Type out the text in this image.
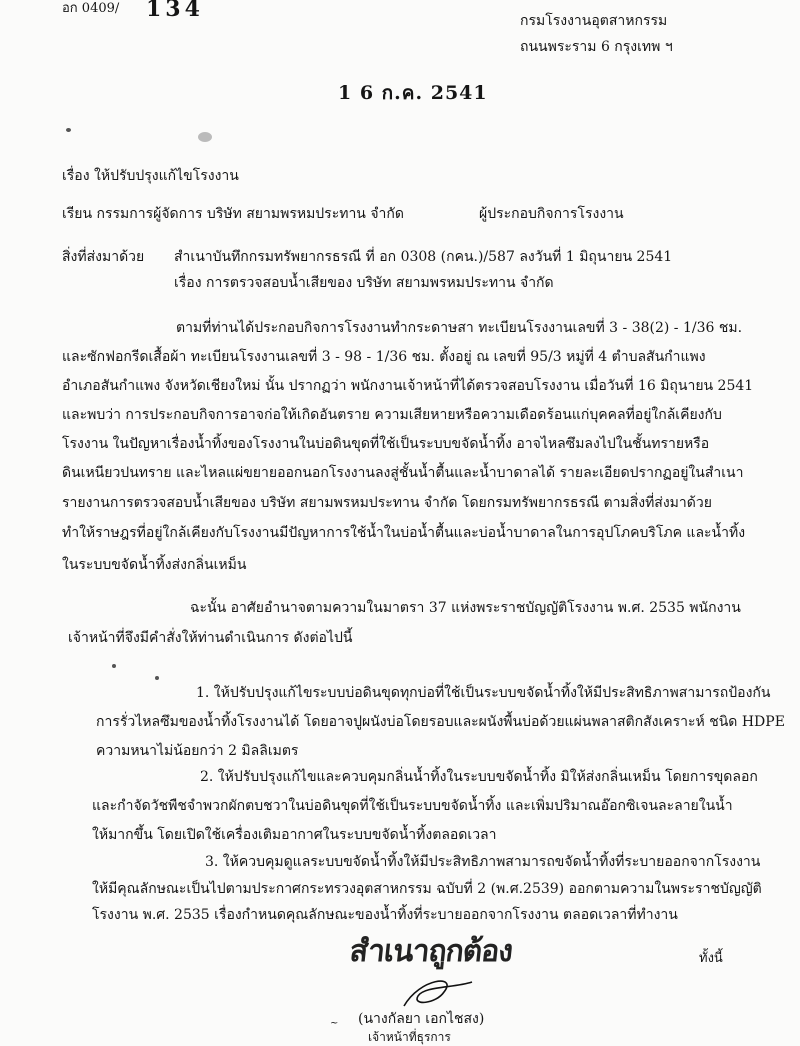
อก 0409/ 134	กรมโรงงานอุตสาหกรรม
ถนนพระราม 6 กรุงเทพ ฯ
1 6 ก.ค. 2541
เรื่อง ให้ปรับปรุงแก้ไขโรงงาน
เรียน กรรมการผู้จัดการ บริษัท สยามพรหมประทาน จำกัด	ผู้ประกอบกิจการโรงงาน
สิ่งที่ส่งมาด้วย สำเนาบันทึกกรมทรัพยากรธรณี ที่ อก 0308 (กคน.)/587 ลงวันที่ 1 มิถุนายน 2541
เรื่อง การตรวจสอบน้ำเสียของ บริษัท สยามพรหมประทาน จำกัด
ตามที่ท่านได้ประกอบกิจการโรงงานทำกระดาษสา ทะเบียนโรงงานเลขที่ 3 - 38(2) - 1/36 ชม.
และซักฟอกรีดเสื้อผ้า ทะเบียนโรงงานเลขที่ 3 - 98 - 1/36 ชม. ตั้งอยู่ ณ เลขที่ 95/3 หมู่ที่ 4 ตำบลสันกำแพง
อำเภอสันกำแพง จังหวัดเชียงใหม่ นั้น ปรากฏว่า พนักงานเจ้าหน้าที่ได้ตรวจสอบโรงงาน เมื่อวันที่ 16 มิถุนายน 2541
และพบว่า การประกอบกิจการอาจก่อให้เกิดอันตราย ความเสียหายหรือความเดือดร้อนแก่บุคคลที่อยู่ใกล้เคียงกับ
โรงงาน ในปัญหาเรื่องน้ำทิ้งของโรงงานในบ่อดินขุดที่ใช้เป็นระบบขจัดน้ำทิ้ง อาจไหลซึมลงไปในชั้นทรายหรือ
ดินเหนียวปนทราย และไหลแผ่ขยายออกนอกโรงงานลงสู่ชั้นน้ำตื้นและน้ำบาดาลได้ รายละเอียดปรากฏอยู่ในสำเนา
รายงานการตรวจสอบน้ำเสียของ บริษัท สยามพรหมประทาน จำกัด โดยกรมทรัพยากรธรณี ตามสิ่งที่ส่งมาด้วย
ทำให้ราษฎรที่อยู่ใกล้เคียงกับโรงงานมีปัญหาการใช้น้ำในบ่อน้ำตื้นและบ่อน้ำบาดาลในการอุปโภคบริโภค และน้ำทิ้ง
ในระบบขจัดน้ำทิ้งส่งกลิ่นเหม็น
ฉะนั้น อาศัยอำนาจตามความในมาตรา 37 แห่งพระราชบัญญัติโรงงาน พ.ศ. 2535 พนักงาน
เจ้าหน้าที่จึงมีคำสั่งให้ท่านดำเนินการ ดังต่อไปนี้
1. ให้ปรับปรุงแก้ไขระบบบ่อดินขุดทุกบ่อที่ใช้เป็นระบบขจัดน้ำทิ้งให้มีประสิทธิภาพสามารถป้องกัน
การรั่วไหลซึมของน้ำทิ้งโรงงานได้ โดยอาจปูผนังบ่อโดยรอบและผนังพื้นบ่อด้วยแผ่นพลาสติกสังเคราะห์ ชนิด HDPE
ความหนาไม่น้อยกว่า 2 มิลลิเมตร
2. ให้ปรับปรุงแก้ไขและควบคุมกลิ่นน้ำทิ้งในระบบขจัดน้ำทิ้ง มิให้ส่งกลิ่นเหม็น โดยการขุดลอก
และกำจัดวัชพืชจำพวกผักตบชวาในบ่อดินขุดที่ใช้เป็นระบบขจัดน้ำทิ้ง และเพิ่มปริมาณอ๊อกซิเจนละลายในน้ำ
ให้มากขึ้น โดยเปิดใช้เครื่องเติมอากาศในระบบขจัดน้ำทิ้งตลอดเวลา
3. ให้ควบคุมดูแลระบบขจัดน้ำทิ้งให้มีประสิทธิภาพสามารถขจัดน้ำทิ้งที่ระบายออกจากโรงงาน
ให้มีคุณลักษณะเป็นไปตามประกาศกระทรวงอุตสาหกรรม ฉบับที่ 2 (พ.ศ.2539) ออกตามความในพระราชบัญญัติ
โรงงาน พ.ศ. 2535 เรื่องกำหนดคุณลักษณะของน้ำทิ้งที่ระบายออกจากโรงงาน ตลอดเวลาที่ทำงาน
สำเนาถูกต้อง	ทั้งนี้
~ (นางกัลยา เอกไชสง)
เจ้าหน้าที่ธุรการ
